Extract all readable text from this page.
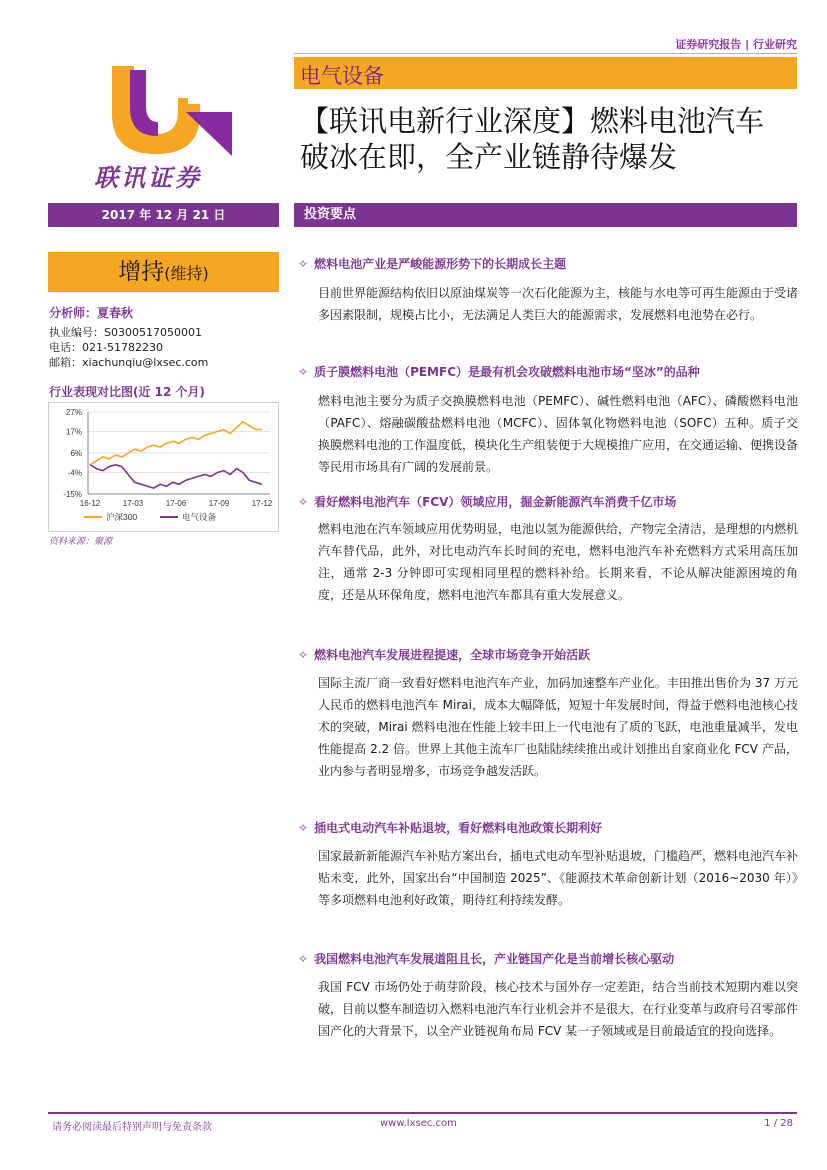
证券研究报告 | 行业研究
联讯证券
电气设备
【联讯电新行业深度】燃料电池汽车
破冰在即，全产业链静待爆发
2017 年 12 月 21 日	投资要点
增持(维持)
分析师：夏春秋
执业编号：S0300517050001
电话：021-51782230
邮箱：xiachunqiu@lxsec.com
行业表现对比图(近 12 个月)
27%
17%
6%
-4%
-15%
16-12	17-03	17-06	17-09	17-12
沪深300	电气设备
资料来源：聚源
✧ 燃料电池产业是严峻能源形势下的长期成长主题
目前世界能源结构依旧以原油煤炭等一次石化能源为主，核能与水电等可再生能源由于受诸多因素限制，规模占比小，无法满足人类巨大的能源需求，发展燃料电池势在必行。
✧ 质子膜燃料电池（PEMFC）是最有机会攻破燃料电池市场“坚冰”的品种
燃料电池主要分为质子交换膜燃料电池（PEMFC）、碱性燃料电池（AFC）、磷酸燃料电池（PAFC）、熔融碳酸盐燃料电池（MCFC）、固体氧化物燃料电池（SOFC）五种。质子交换膜燃料电池的工作温度低，模块化生产组装便于大规模推广应用，在交通运输、便携设备等民用市场具有广阔的发展前景。
✧ 看好燃料电池汽车（FCV）领域应用，掘金新能源汽车消费千亿市场
燃料电池在汽车领域应用优势明显，电池以氢为能源供给，产物完全清洁，是理想的内燃机汽车替代品，此外，对比电动汽车长时间的充电，燃料电池汽车补充燃料方式采用高压加注，通常 2-3 分钟即可实现相同里程的燃料补给。长期来看，不论从解决能源困境的角度，还是从环保角度，燃料电池汽车都具有重大发展意义。
✧ 燃料电池汽车发展进程提速，全球市场竞争开始活跃
国际主流厂商一致看好燃料电池汽车产业，加码加速整车产业化。丰田推出售价为 37 万元人民币的燃料电池汽车 Mirai，成本大幅降低，短短十年发展时间，得益于燃料电池核心技术的突破，Mirai 燃料电池在性能上较丰田上一代电池有了质的飞跃，电池重量减半，发电性能提高 2.2 倍。世界上其他主流车厂也陆陆续续推出或计划推出自家商业化 FCV 产品，业内参与者明显增多，市场竞争越发活跃。
✧ 插电式电动汽车补贴退坡，看好燃料电池政策长期利好
国家最新新能源汽车补贴方案出台，插电式电动车型补贴退坡，门槛趋严，燃料电池汽车补贴未变，此外，国家出台“中国制造 2025”、《能源技术革命创新计划（2016~2030 年）》等多项燃料电池利好政策，期待红利持续发酵。
✧ 我国燃料电池汽车发展道阻且长，产业链国产化是当前增长核心驱动
我国 FCV 市场仍处于萌芽阶段，核心技术与国外存一定差距，结合当前技术短期内难以突破，目前以整车制造切入燃料电池汽车行业机会并不是很大，在行业变革与政府号召零部件国产化的大背景下，以全产业链视角布局 FCV 某一子领域或是目前最适宜的投向选择。
请务必阅读最后特别声明与免责条款	www.lxsec.com	1 / 28
